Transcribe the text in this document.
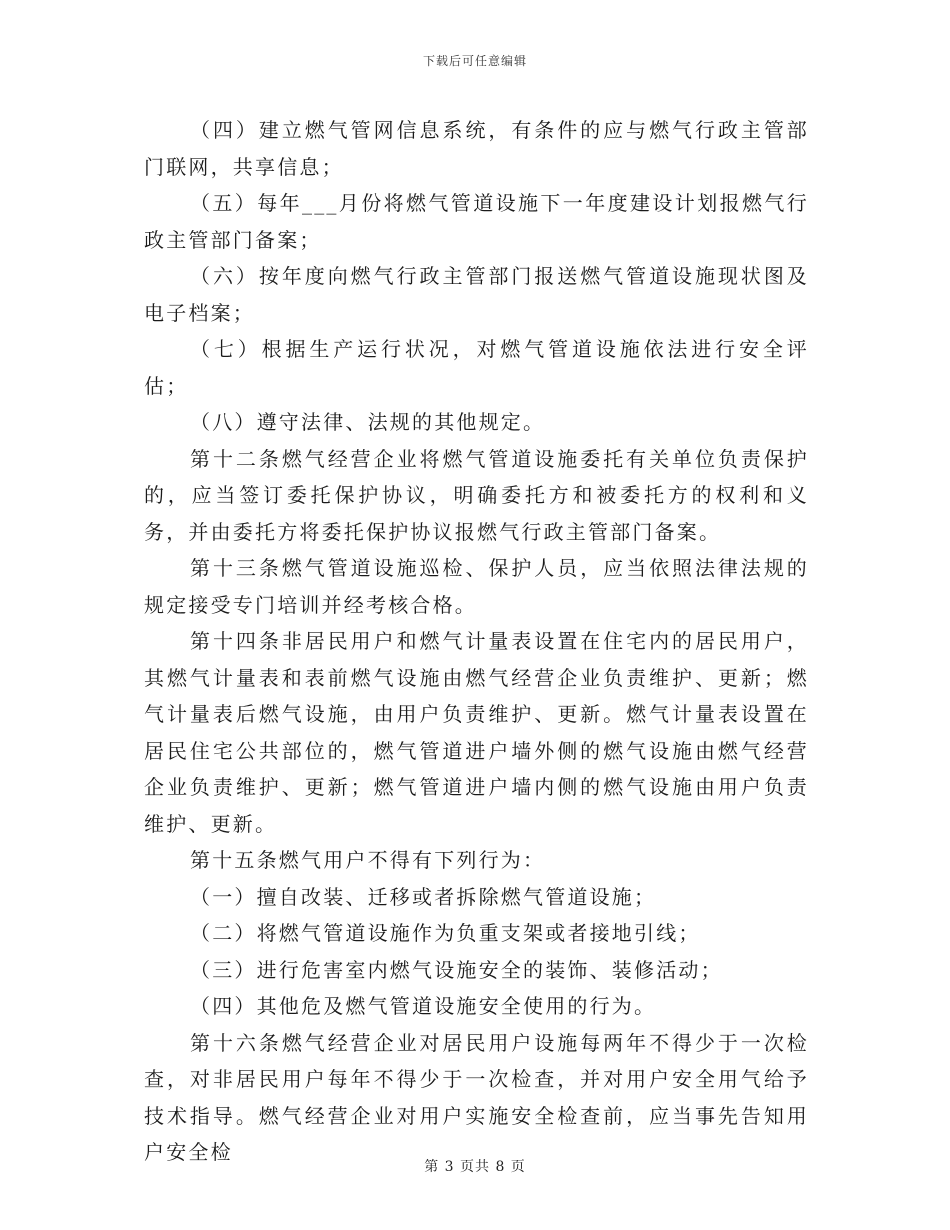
下载后可任意编辑

（四）建立燃气管网信息系统，有条件的应与燃气行政主管部门联网，共享信息；

（五）每年___月份将燃气管道设施下一年度建设计划报燃气行政主管部门备案；

（六）按年度向燃气行政主管部门报送燃气管道设施现状图及电子档案；

（七）根据生产运行状况，对燃气管道设施依法进行安全评估；

（八）遵守法律、法规的其他规定。

第十二条燃气经营企业将燃气管道设施委托有关单位负责保护的，应当签订委托保护协议，明确委托方和被委托方的权利和义务，并由委托方将委托保护协议报燃气行政主管部门备案。

第十三条燃气管道设施巡检、保护人员，应当依照法律法规的规定接受专门培训并经考核合格。

第十四条非居民用户和燃气计量表设置在住宅内的居民用户，其燃气计量表和表前燃气设施由燃气经营企业负责维护、更新；燃气计量表后燃气设施，由用户负责维护、更新。燃气计量表设置在居民住宅公共部位的，燃气管道进户墙外侧的燃气设施由燃气经营企业负责维护、更新；燃气管道进户墙内侧的燃气设施由用户负责维护、更新。

第十五条燃气用户不得有下列行为：

（一）擅自改装、迁移或者拆除燃气管道设施；

（二）将燃气管道设施作为负重支架或者接地引线；

（三）进行危害室内燃气设施安全的装饰、装修活动；

（四）其他危及燃气管道设施安全使用的行为。

第十六条燃气经营企业对居民用户设施每两年不得少于一次检查，对非居民用户每年不得少于一次检查，并对用户安全用气给予技术指导。燃气经营企业对用户实施安全检查前，应当事先告知用户安全检

第 3 页共 8 页
